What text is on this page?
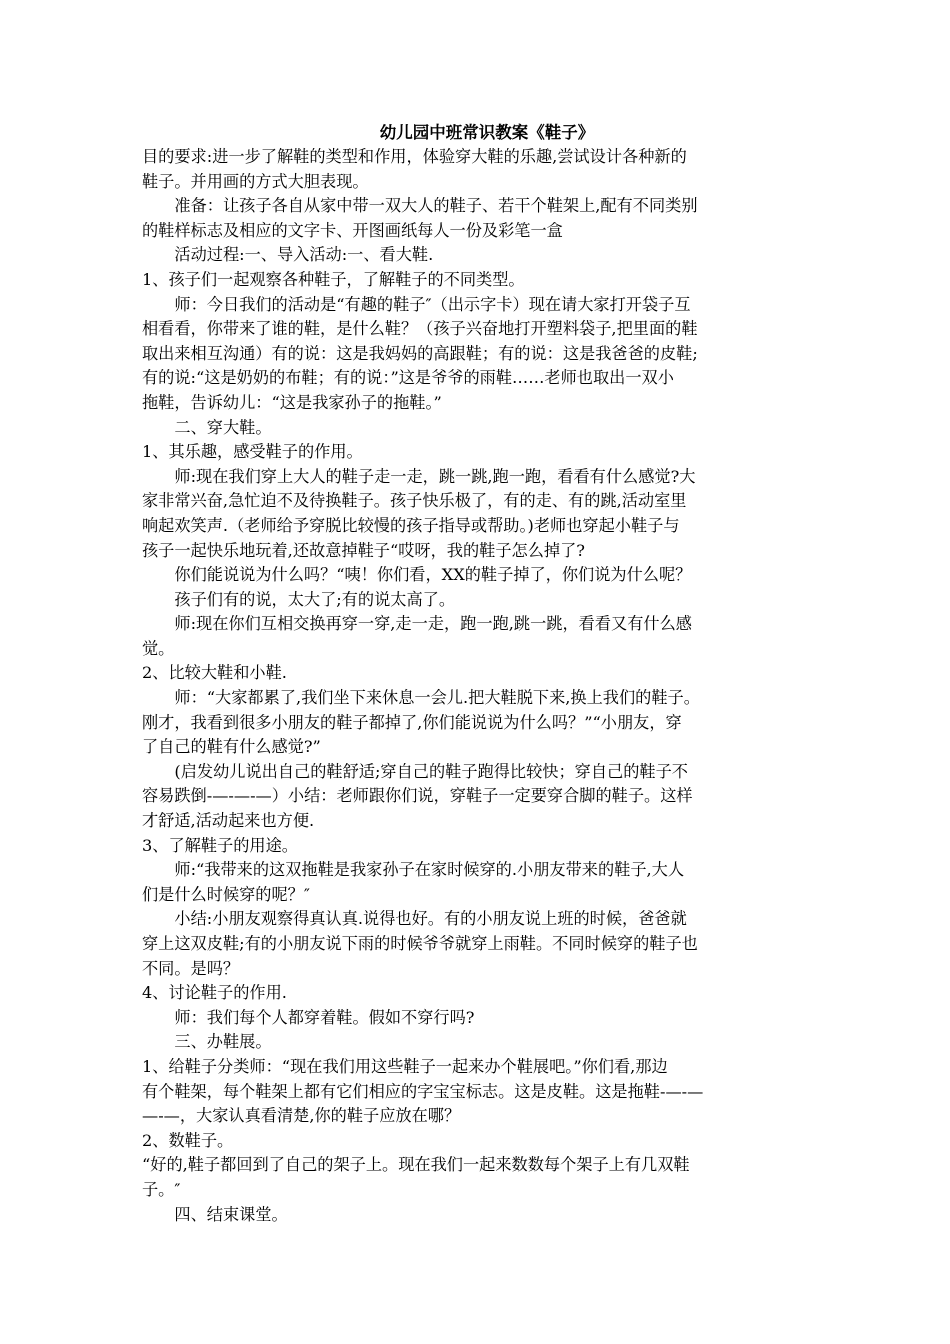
幼儿园中班常识教案《鞋子》
目的要求:进一步了解鞋的类型和作用，体验穿大鞋的乐趣,尝试设计各种新的
鞋子。并用画的方式大胆表现。
准备：让孩子各自从家中带一双大人的鞋子、若干个鞋架上,配有不同类别
的鞋样标志及相应的文字卡、开图画纸每人一份及彩笔一盒
活动过程:一、导入活动:一、看大鞋.
1、孩子们一起观察各种鞋子，了解鞋子的不同类型。
师：今日我们的活动是“有趣的鞋子″（出示字卡）现在请大家打开袋子互
相看看，你带来了谁的鞋，是什么鞋？（孩子兴奋地打开塑料袋子,把里面的鞋
取出来相互沟通）有的说：这是我妈妈的高跟鞋；有的说：这是我爸爸的皮鞋;
有的说:“这是奶奶的布鞋；有的说：”这是爷爷的雨鞋……老师也取出一双小
拖鞋，告诉幼儿：“这是我家孙子的拖鞋。”
二、穿大鞋。
1、其乐趣，感受鞋子的作用。
师:现在我们穿上大人的鞋子走一走，跳一跳,跑一跑，看看有什么感觉?大
家非常兴奋,急忙迫不及待换鞋子。孩子快乐极了，有的走、有的跳,活动室里
响起欢笑声.（老师给予穿脱比较慢的孩子指导或帮助。)老师也穿起小鞋子与
孩子一起快乐地玩着,还故意掉鞋子“哎呀，我的鞋子怎么掉了?
你们能说说为什么吗？“咦！你们看，XX的鞋子掉了，你们说为什么呢？
孩子们有的说，太大了;有的说太高了。
师:现在你们互相交换再穿一穿,走一走，跑一跑,跳一跳，看看又有什么感
觉。
2、比较大鞋和小鞋.
师：“大家都累了,我们坐下来休息一会儿.把大鞋脱下来,换上我们的鞋子。
刚才，我看到很多小朋友的鞋子都掉了,你们能说说为什么吗？”“小朋友，穿
了自己的鞋有什么感觉?”
(启发幼儿说出自己的鞋舒适;穿自己的鞋子跑得比较快；穿自己的鞋子不
容易跌倒-—-—-—）小结：老师跟你们说，穿鞋子一定要穿合脚的鞋子。这样
才舒适,活动起来也方便.
3、了解鞋子的用途。
师:“我带来的这双拖鞋是我家孙子在家时候穿的.小朋友带来的鞋子,大人
们是什么时候穿的呢？″
小结:小朋友观察得真认真.说得也好。有的小朋友说上班的时候，爸爸就
穿上这双皮鞋;有的小朋友说下雨的时候爷爷就穿上雨鞋。不同时候穿的鞋子也
不同。是吗？
4、讨论鞋子的作用.
师：我们每个人都穿着鞋。假如不穿行吗?
三、办鞋展。
1、给鞋子分类师：“现在我们用这些鞋子一起来办个鞋展吧。”你们看,那边
有个鞋架，每个鞋架上都有它们相应的字宝宝标志。这是皮鞋。这是拖鞋-—-—
—-—，大家认真看清楚,你的鞋子应放在哪？
2、数鞋子。
“好的,鞋子都回到了自己的架子上。现在我们一起来数数每个架子上有几双鞋
子。″
四、结束课堂。
